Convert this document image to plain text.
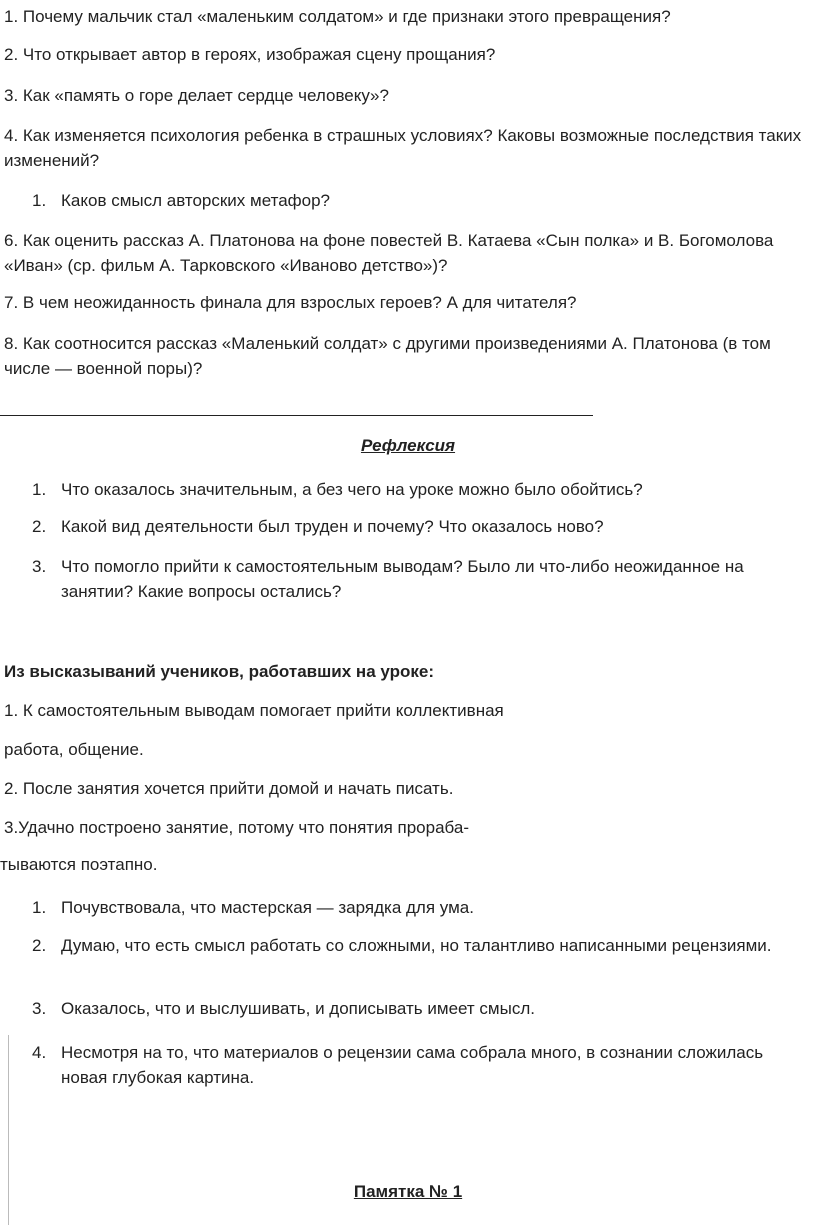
1. Почему мальчик стал «маленьким солдатом» и где признаки этого превращения?

2. Что открывает автор в героях, изображая сцену прощания?

3. Как «память о горе делает сердце человеку»?

4. Как изменяется психология ребенка в страшных условиях? Каковы возможные последствия таких изменений?

1. Каков смысл авторских метафор?

6. Как оценить рассказ А. Платонова на фоне повестей В. Катаева «Сын полка» и В. Богомолова «Иван» (ср. фильм А. Тарковского «Иваново детство»)?

7. В чем неожиданность финала для взрослых героев? А для читателя?

8. Как соотносится рассказ «Маленький солдат» с другими произведениями А. Платонова (в том числе — военной поры)?

Рефлексия
1. Что оказалось значительным, а без чего на уроке можно было обойтись?
2. Какой вид деятельности был труден и почему? Что оказалось ново?
3. Что помогло прийти к самостоятельным выводам? Было ли что-либо неожиданное на занятии? Какие вопросы остались?

Из высказываний учеников, работавших на уроке:

1. К самостоятельным выводам помогает прийти коллективная

работа, общение.

2. После занятия хочется прийти домой и начать писать.

3.Удачно построено занятие, потому что понятия прораба-

тываются поэтапно.

1. Почувствовала, что мастерская — зарядка для ума.
2. Думаю, что есть смысл работать со сложными, но талантливо написанными рецензиями.
3. Оказалось, что и выслушивать, и дописывать имеет смысл.
4. Несмотря на то, что материалов о рецензии сама собрала много, в сознании сложилась новая глубокая картина.
Памятка № 1
